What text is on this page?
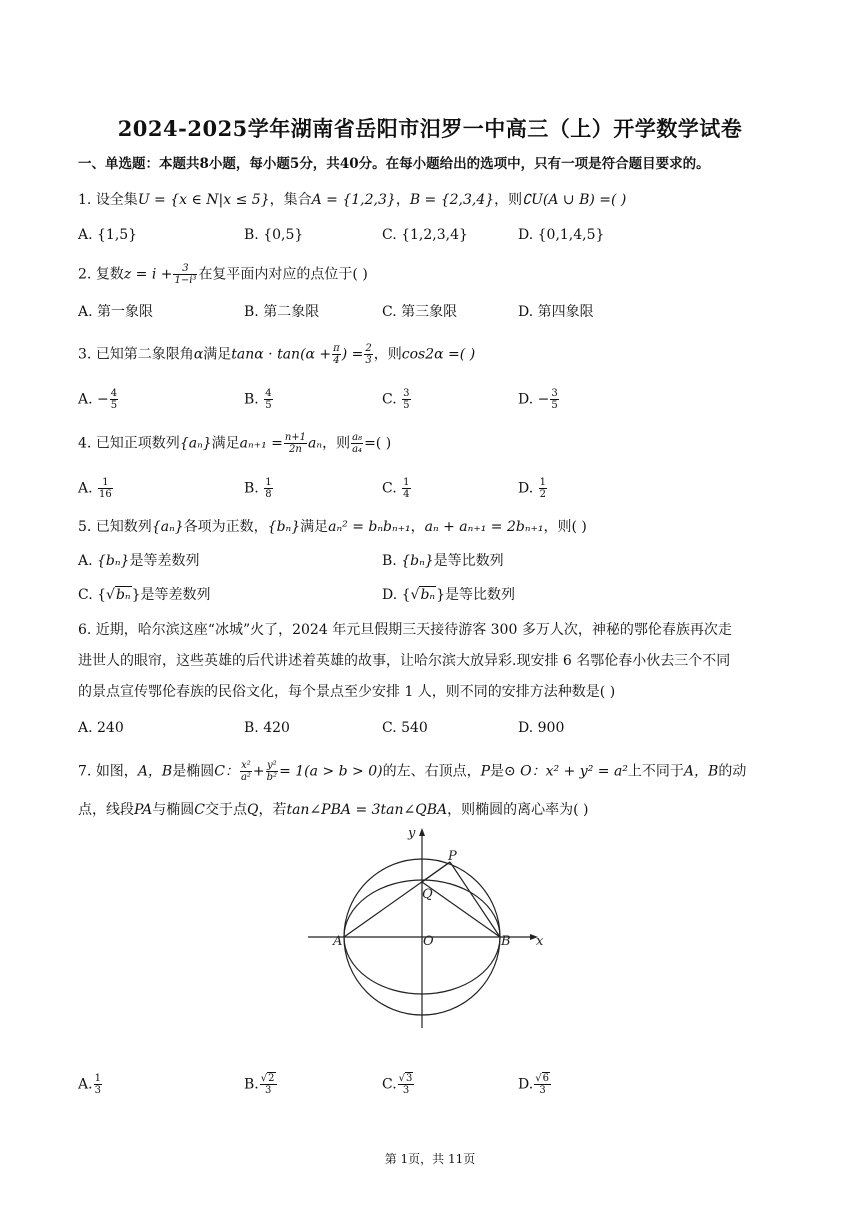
2024-2025学年湖南省岳阳市汨罗一中高三（上）开学数学试卷
一、单选题：本题共8小题，每小题5分，共40分。在每小题给出的选项中，只有一项是符合题目要求的。
1. 设全集U = {x ∈ N|x ≤ 5}，集合A = {1,2,3}，B = {2,3,4}，则∁U(A ∪ B) =( )
A. {1,5}	B. {0,5}	C. {1,2,3,4}	D. {0,1,4,5}
2. 复数$z = i + \frac{3}{\text{1−i³}}$ 在复平面内对应的点位于( )
A. 第一象限	B. 第二象限	C. 第三象限	D. 第四象限
3. 已知第二象限角α满足$\tan\alpha \cdot \tan(\alpha + \frac{\pi}{4}$ ) = $\frac{2}{3}$ ，则cos2α =( )
A. − $\frac{4}{5}$	B. $\frac{4}{5}$	C. $\frac{3}{5}$	D. − $\frac{3}{5}$
4. 已知正项数列{aₙ}满足$a_{n+1} = \frac{n+1}{2n}$ aₙ，则 $\frac{\text{a₈}}{\text{a₄}}$ =( )
A. $\frac{1}{16}$	B. $\frac{1}{8}$	C. $\frac{1}{4}$	D. $\frac{1}{2}$
5. 已知数列{aₙ}各项为正数，{bₙ}满足aₙ² = bₙbₙ₊₁，aₙ + aₙ₊₁ = 2bₙ₊₁，则( )
A. {bₙ}是等差数列	B. {bₙ}是等比数列
C. {√bₙ}是等差数列	D. {√bₙ}是等比数列
6. 近期，哈尔滨这座“冰城”火了，2024 年元旦假期三天接待游客 300 多万人次，神秘的鄂伦春族再次走
进世人的眼帘，这些英雄的后代讲述着英雄的故事，让哈尔滨大放异彩.现安排 6 名鄂伦春小伙去三个不同
的景点宣传鄂伦春族的民俗文化，每个景点至少安排 1 人，则不同的安排方法种数是( )
A. 240	B. 420	C. 540	D. 900
7. 如图，A，B是椭圆C： $\frac{\text{x²}}{\text{a²}} + \frac{\text{y²}}{\text{b²}} = 1(a > b > 0)$的左、右顶点，P是⊙ O：x² + y² = a²上不同于A，B的动
点，线段PA与椭圆C交于点Q，若tan∠PBA = 3tan∠QBA，则椭圆的离心率为( )
y
x
A	O	B
P
Q
A. $\frac{1}{3}$	B. $\frac{√2}{3}$	C. $\frac{√3}{3}$	D. $\frac{√6}{3}$
第 1页，共 11页
